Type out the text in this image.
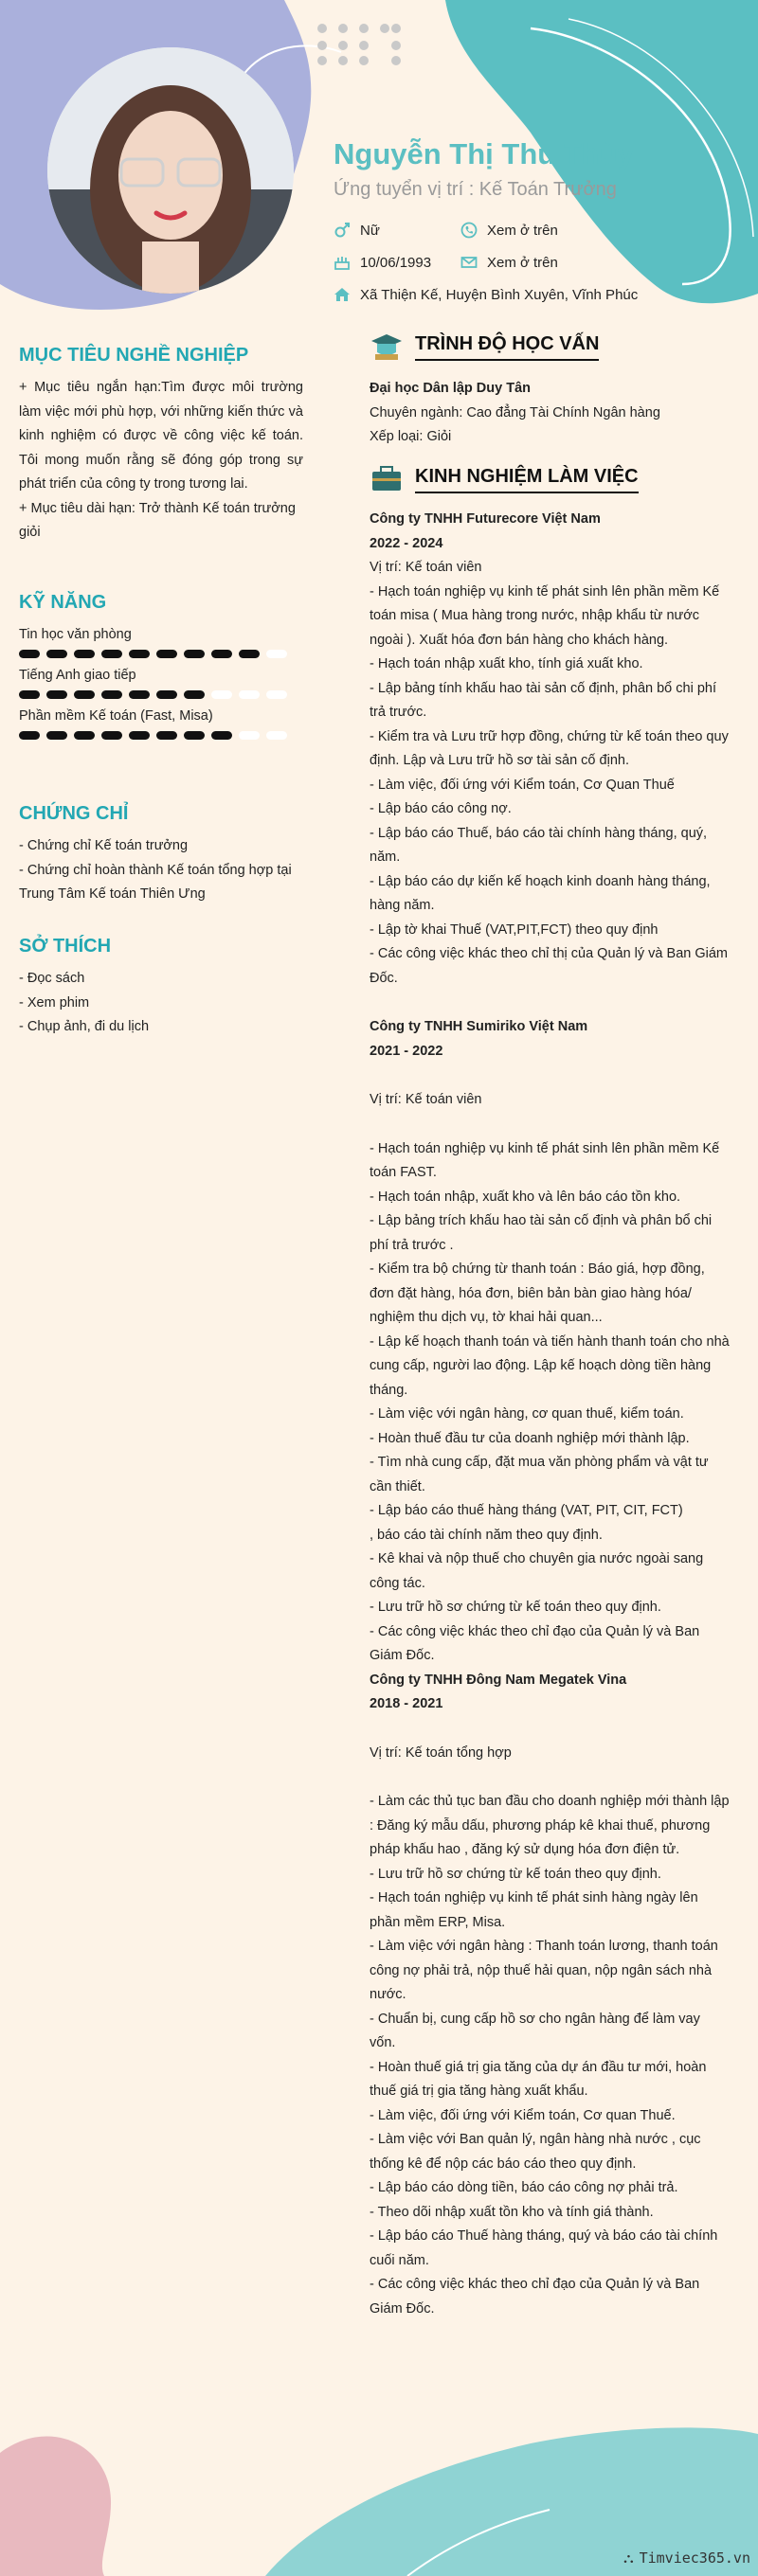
Nguyễn Thị Thu Thủy
Ứng tuyển vị trí : Kế Toán Trưởng
Nữ	Xem ở trên
10/06/1993	Xem ở trên
Xã Thiện Kế, Huyện Bình Xuyên, Vĩnh Phúc
MỤC TIÊU NGHỀ NGHIỆP

+ Mục tiêu ngắn hạn:Tìm được môi trường làm việc mới phù hợp, với những kiến thức và kinh nghiệm có được về công việc kế toán. Tôi mong muốn rằng sẽ đóng góp trong sự phát triển của công ty trong tương lai.

+ Mục tiêu dài hạn: Trở thành Kế toán trưởng giỏi

KỸ NĂNG

Tin học văn phòng

Tiếng Anh giao tiếp

Phần mềm Kế toán (Fast, Misa)

CHỨNG CHỈ

- Chứng chỉ Kế toán trưởng

- Chứng chỉ hoàn thành Kế toán tổng hợp tại Trung Tâm Kế toán Thiên Ưng

SỞ THÍCH

- Đọc sách

- Xem phim

- Chụp ảnh, đi du lịch

TRÌNH ĐỘ HỌC VẤN

Đại học Dân lập Duy Tân

Chuyên ngành: Cao đẳng Tài Chính Ngân hàng

Xếp loại: Giỏi

KINH NGHIỆM LÀM VIỆC

Công ty TNHH Futurecore Việt Nam

2022 - 2024

Vị trí: Kế toán viên

- Hạch toán nghiệp vụ kinh tế phát sinh lên phần mềm Kế toán misa ( Mua hàng trong nước, nhập khẩu từ nước ngoài ). Xuất hóa đơn bán hàng cho khách hàng.

- Hạch toán nhập xuất kho, tính giá xuất kho.

- Lập bảng tính khấu hao tài sản cố định, phân bổ chi phí trả trước.

- Kiểm tra và Lưu trữ hợp đồng, chứng từ kế toán theo quy định. Lập và Lưu trữ hồ sơ tài sản cố định.

- Làm việc, đối ứng với Kiểm toán, Cơ Quan Thuế

- Lập báo cáo công nợ.

- Lập báo cáo Thuế, báo cáo tài chính hàng tháng, quý, năm.

- Lập báo cáo dự kiến kế hoạch kinh doanh hàng tháng, hàng năm.

- Lập tờ khai Thuế (VAT,PIT,FCT) theo quy định

- Các công việc khác theo chỉ thị của Quản lý và Ban Giám Đốc.

Công ty TNHH Sumiriko Việt Nam

2021 - 2022

Vị trí: Kế toán viên

- Hạch toán nghiệp vụ kinh tế phát sinh lên phần mềm Kế toán FAST.

- Hạch toán nhập, xuất kho và lên báo cáo tồn kho.

- Lập bảng trích khấu hao tài sản cố định và phân bổ chi phí trả trước .

- Kiểm tra bộ chứng từ thanh toán : Báo giá, hợp đồng, đơn đặt hàng, hóa đơn, biên bản bàn giao hàng hóa/ nghiệm thu dịch vụ, tờ khai hải quan...

- Lập kế hoạch thanh toán và tiến hành thanh toán cho nhà cung cấp, người lao động. Lập kế hoạch dòng tiền hàng tháng.

- Làm việc với ngân hàng, cơ quan thuế, kiểm toán.

- Hoàn thuế đầu tư của doanh nghiệp mới thành lập.

- Tìm nhà cung cấp, đặt mua văn phòng phẩm và vật tư cần thiết.

- Lập báo cáo thuế hàng tháng (VAT, PIT, CIT, FCT)

, báo cáo tài chính năm theo quy định.

- Kê khai và nộp thuế cho chuyên gia nước ngoài sang công tác.

- Lưu trữ hồ sơ chứng từ kế toán theo quy định.

- Các công việc khác theo chỉ đạo của Quản lý và Ban Giám Đốc.

Công ty TNHH Đông Nam Megatek Vina

2018 - 2021

Vị trí: Kế toán tổng hợp

- Làm các thủ tục ban đầu cho doanh nghiệp mới thành lập : Đăng ký mẫu dấu, phương pháp kê khai thuế, phương pháp khấu hao , đăng ký sử dụng hóa đơn điện tử.

- Lưu trữ hồ sơ chứng từ kế toán theo quy định.

- Hạch toán nghiệp vụ kinh tế phát sinh hàng ngày lên phần mềm ERP, Misa.

- Làm việc với ngân hàng : Thanh toán lương, thanh toán công nợ phải trả, nộp thuế hải quan, nộp ngân sách nhà nước.

- Chuẩn bị, cung cấp hồ sơ cho ngân hàng để làm vay vốn.

- Hoàn thuế giá trị gia tăng của dự án đầu tư mới, hoàn thuế giá trị gia tăng hàng xuất khẩu.

- Làm việc, đối ứng với Kiểm toán, Cơ quan Thuế.

- Làm việc với Ban quản lý, ngân hàng nhà nước , cục thống kê để nộp các báo cáo theo quy định.

- Lập báo cáo dòng tiền, báo cáo công nợ phải trả.

- Theo dõi nhập xuất tồn kho và tính giá thành.

- Lập báo cáo Thuế hàng tháng, quý và báo cáo tài chính cuối năm.

- Các công việc khác theo chỉ đạo của Quản lý và Ban Giám Đốc.

⛬ Timviec365.vn
